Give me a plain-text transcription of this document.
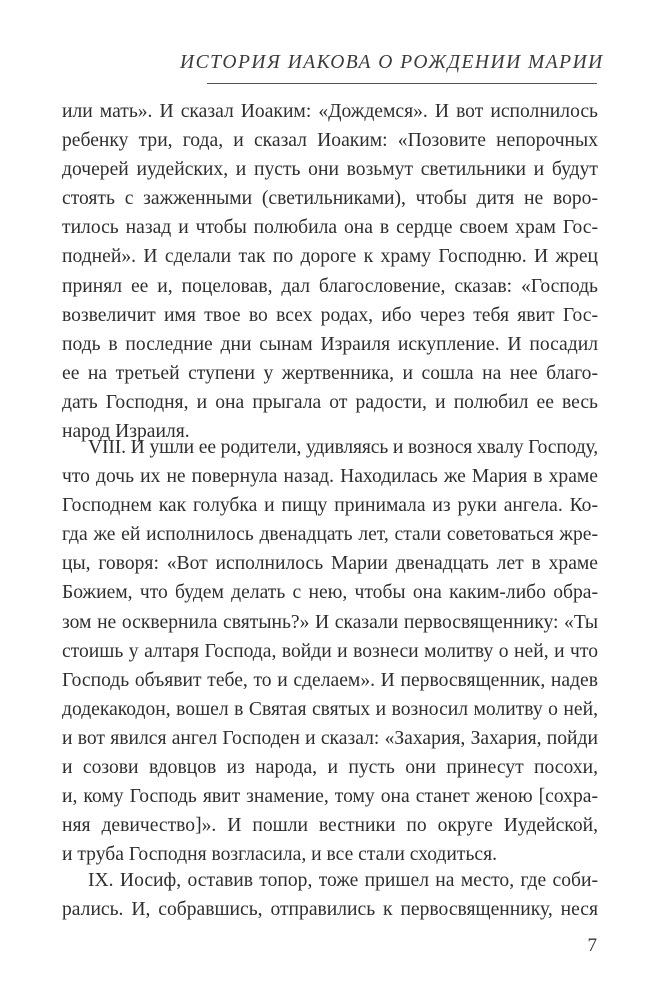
ИСТОРИЯ ИАКОВА О РОЖДЕНИИ МАРИИ
или мать». И сказал Иоаким: «Дождемся». И вот исполнилось
ребенку три, года, и сказал Иоаким: «Позовите непорочных
дочерей иудейских, и пусть они возьмут светильники и будут
стоять с зажженными (светильниками), чтобы дитя не воро-
тилось назад и чтобы полюбила она в сердце своем храм Гос-
подней». И сделали так по дороге к храму Господню. И жрец
принял ее и, поцеловав, дал благословение, сказав: «Господь
возвеличит имя твое во всех родах, ибо через тебя явит Гос-
подь в последние дни сынам Израиля искупление. И посадил
ее на третьей ступени у жертвенника, и сошла на нее благо-
дать Господня, и она прыгала от радости, и полюбил ее весь
народ Израиля.
VIII. И ушли ее родители, удивляясь и вознося хвалу Господу,
что дочь их не повернула назад. Находилась же Мария в храме
Господнем как голубка и пищу принимала из руки ангела. Ко-
гда же ей исполнилось двенадцать лет, стали советоваться жре-
цы, говоря: «Вот исполнилось Марии двенадцать лет в храме
Божием, что будем делать с нею, чтобы она каким-либо обра-
зом не осквернила святынь?» И сказали первосвященнику: «Ты
стоишь у алтаря Господа, войди и вознеси молитву о ней, и что
Господь объявит тебе, то и сделаем». И первосвященник, надев
додекакодон, вошел в Святая святых и возносил молитву о ней,
и вот явился ангел Господен и сказал: «Захария, Захария, пойди
и созови вдовцов из народа, и пусть они принесут посохи,
и, кому Господь явит знамение, тому она станет женою [сохра-
няя девичество]». И пошли вестники по округе Иудейской,
и труба Господня возгласила, и все стали сходиться.
IX. Иосиф, оставив топор, тоже пришел на место, где соби-
рались. И, собравшись, отправились к первосвященнику, неся
7
